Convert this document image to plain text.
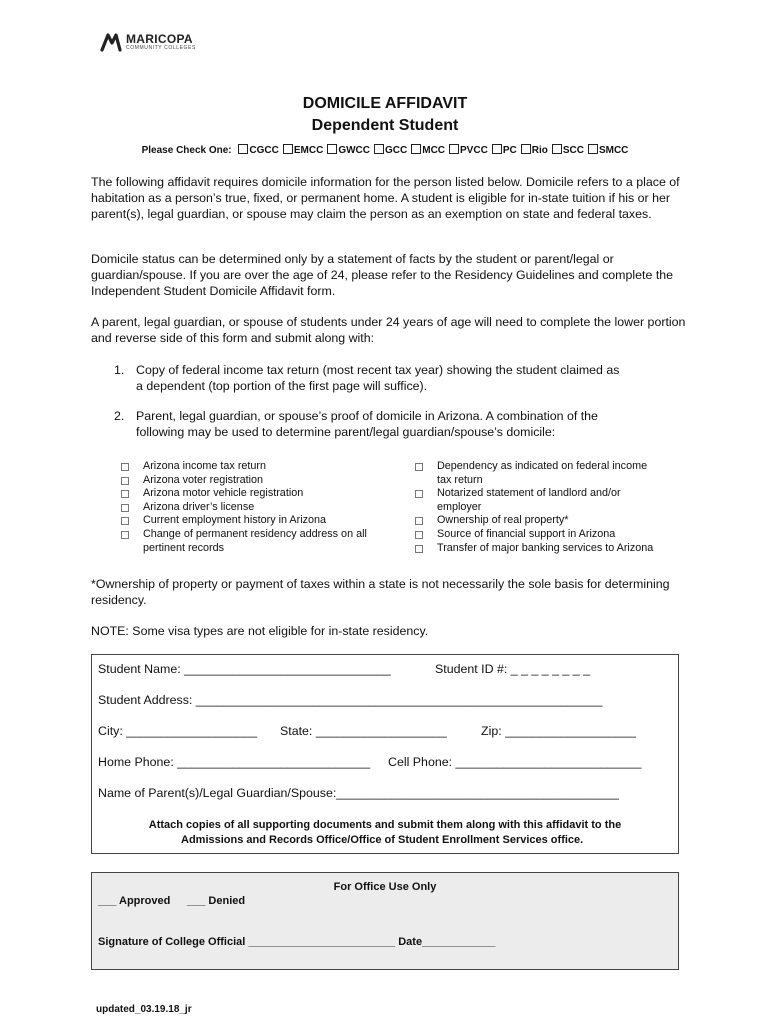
MARICOPA
COMMUNITY COLLEGES
DOMICILE AFFIDAVIT
Dependent Student
Please Check One: CGCC EMCC GWCC GCC MCC PVCC PC Rio SCC SMCC
The following affidavit requires domicile information for the person listed below. Domicile refers to a place of habitation as a person’s true, fixed, or permanent home. A student is eligible for in-state tuition if his or her parent(s), legal guardian, or spouse may claim the person as an exemption on state and federal taxes.
Domicile status can be determined only by a statement of facts by the student or parent/legal or guardian/spouse. If you are over the age of 24, please refer to the Residency Guidelines and complete the Independent Student Domicile Affidavit form.
A parent, legal guardian, or spouse of students under 24 years of age will need to complete the lower portion and reverse side of this form and submit along with:
1. Copy of federal income tax return (most recent tax year) showing the student claimed as a dependent (top portion of the first page will suffice).
2. Parent, legal guardian, or spouse’s proof of domicile in Arizona. A combination of the following may be used to determine parent/legal guardian/spouse’s domicile:
Arizona income tax return
Arizona voter registration
Arizona motor vehicle registration
Arizona driver’s license
Current employment history in Arizona
Change of permanent residency address on all
pertinent records
Dependency as indicated on federal income
tax return
Notarized statement of landlord and/or
employer
Ownership of real property*
Source of financial support in Arizona
Transfer of major banking services to Arizona
*Ownership of property or payment of taxes within a state is not necessarily the sole basis for determining residency.
NOTE: Some visa types are not eligible for in-state residency.
Student Name: ______________________________	Student ID #: _ _ _ _ _ _ _ _
Student Address: ___________________________________________________________
City: ___________________ State: ___________________	Zip: ___________________
Home Phone: ____________________________ Cell Phone: ___________________________
Name of Parent(s)/Legal Guardian/Spouse:_________________________________________
Attach copies of all supporting documents and submit them along with this affidavit to the
Admissions and Records Office/Office of Student Enrollment Services office.
For Office Use Only
___ Approved ___ Denied
Signature of College Official ________________________ Date____________
updated_03.19.18_jr
